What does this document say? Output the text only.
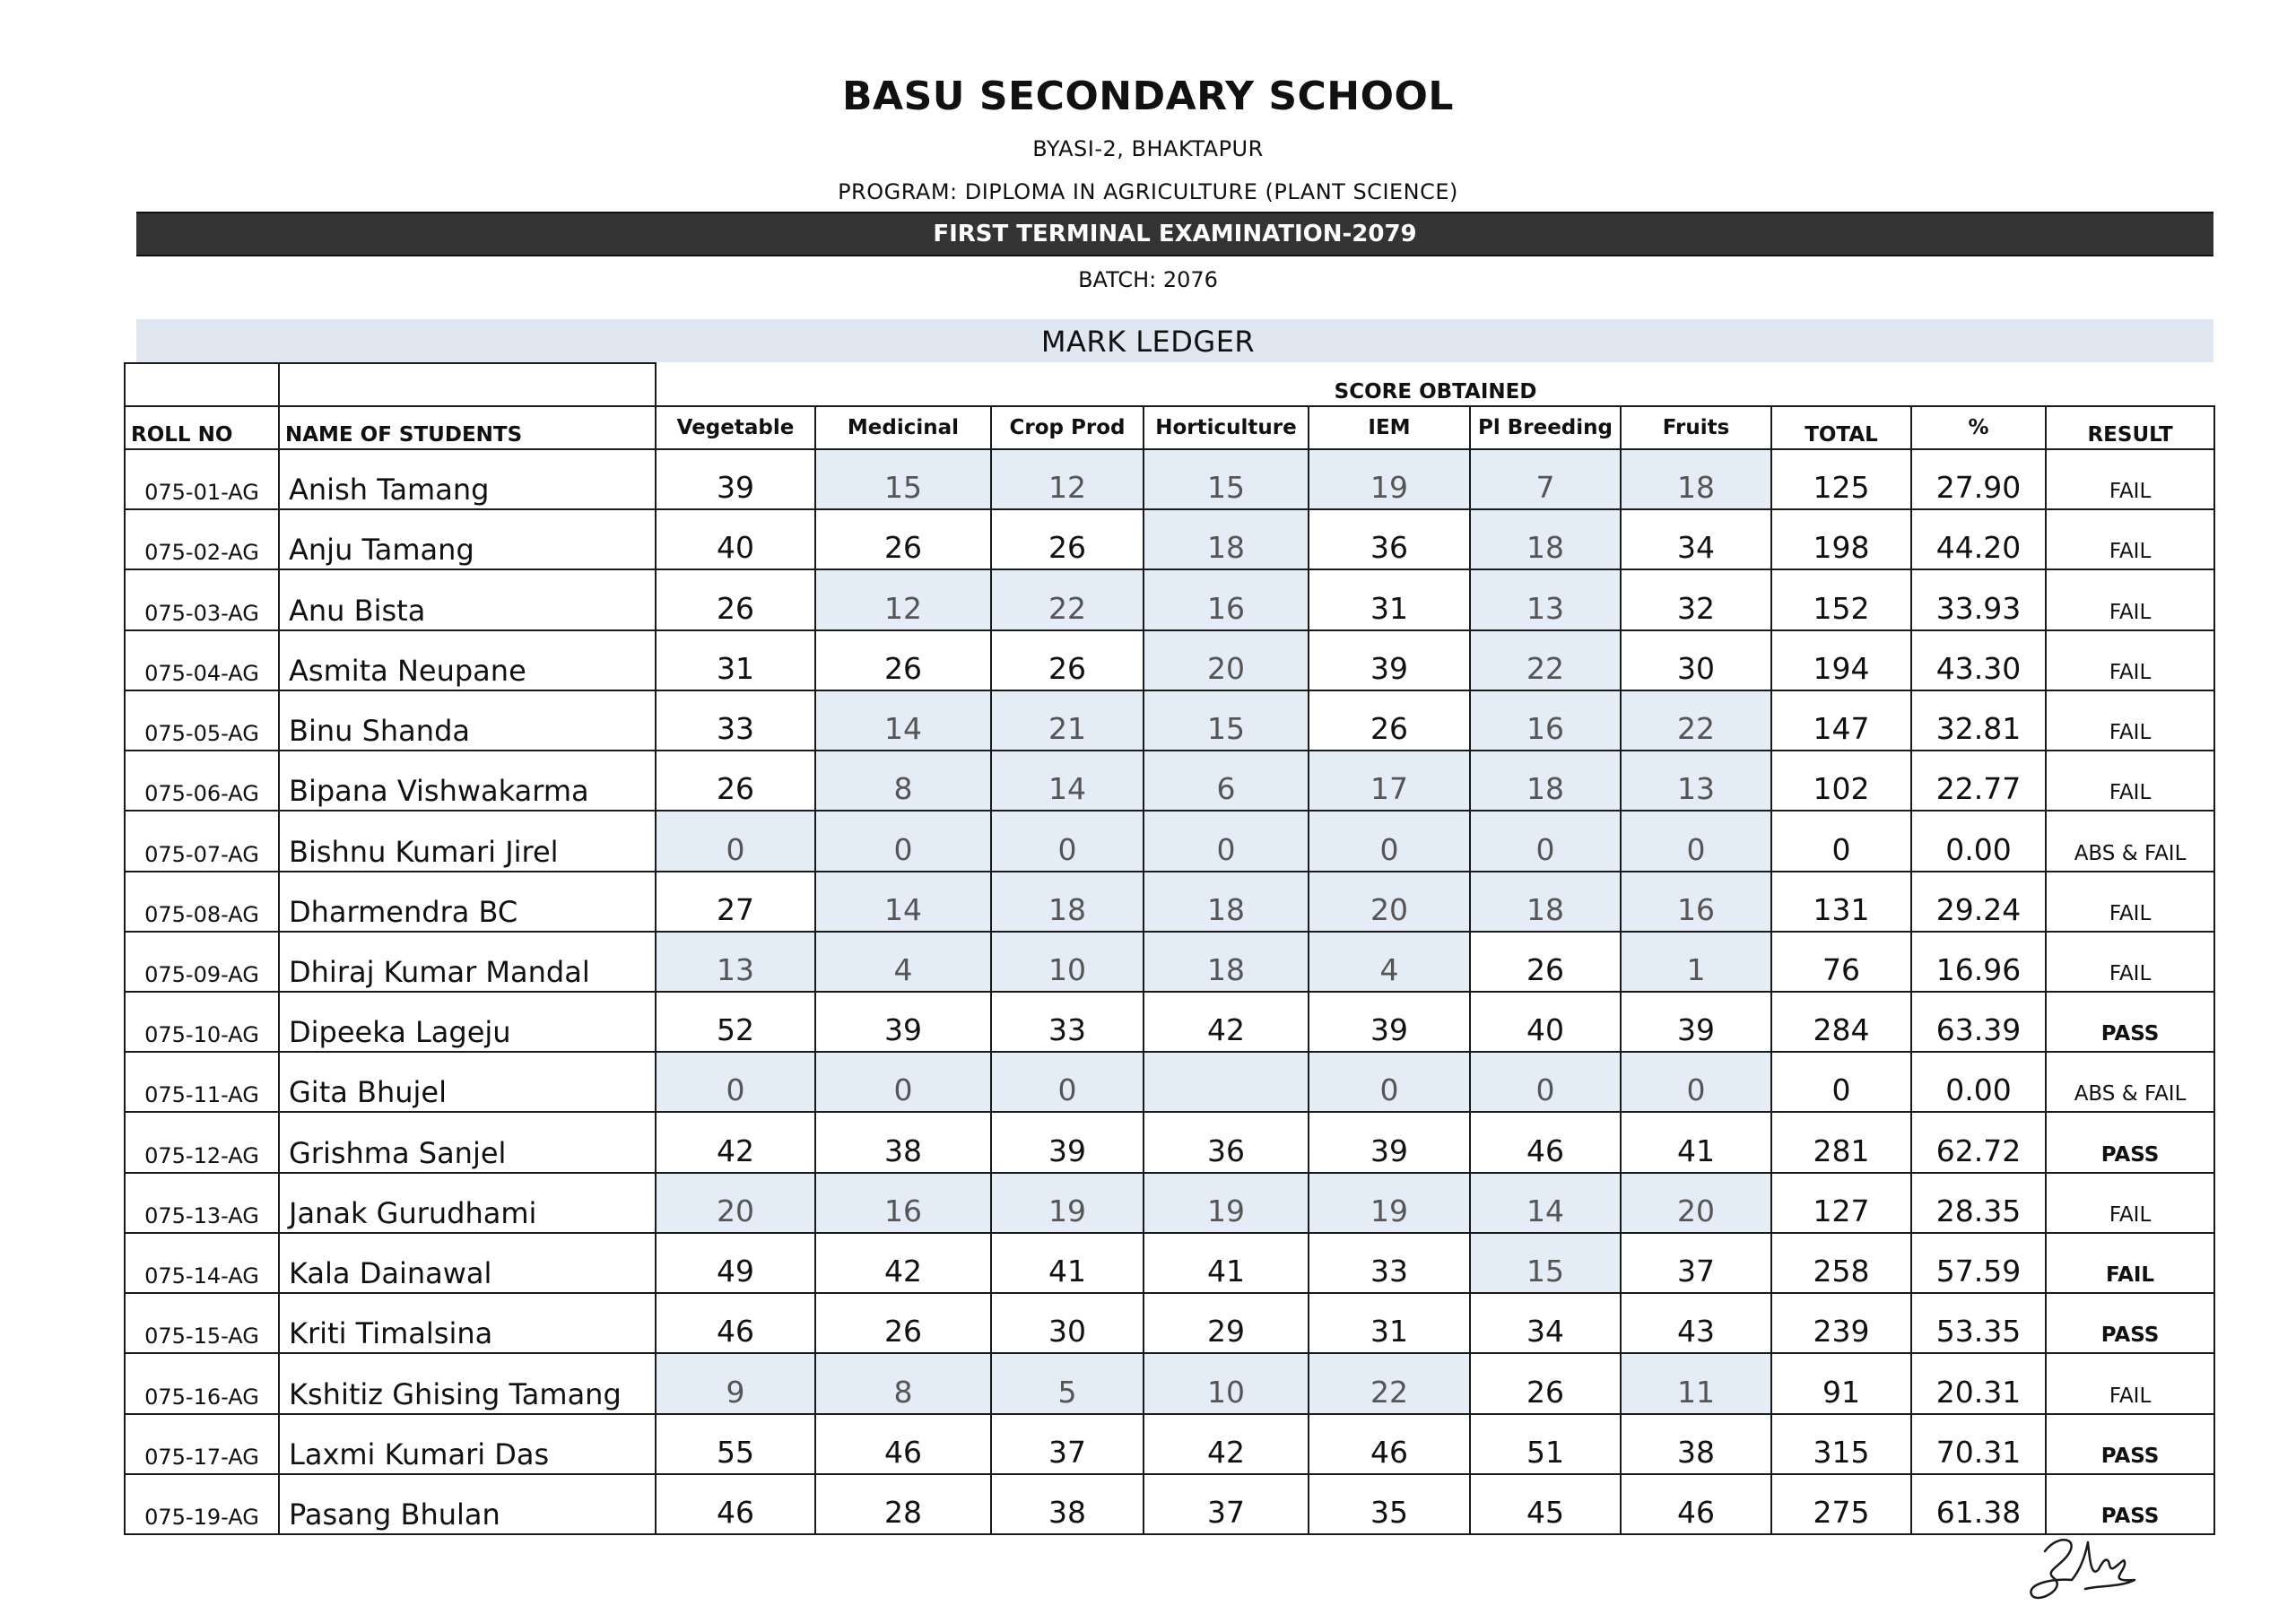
BASU SECONDARY SCHOOL
BYASI-2, BHAKTAPUR
PROGRAM: DIPLOMA IN AGRICULTURE (PLANT SCIENCE)
FIRST TERMINAL EXAMINATION-2079
BATCH: 2076
MARK LEDGER
		SCORE OBTAINED									
ROLL NO	NAME OF STUDENTS	Vegetable	Medicinal	Crop Prod	Horticulture	IEM	Pl Breeding	Fruits	TOTAL	%	RESULT
075-01-AG	Anish Tamang	39	15	12	15	19	7	18	125	27.90	FAIL
075-02-AG	Anju Tamang	40	26	26	18	36	18	34	198	44.20	FAIL
075-03-AG	Anu Bista	26	12	22	16	31	13	32	152	33.93	FAIL
075-04-AG	Asmita Neupane	31	26	26	20	39	22	30	194	43.30	FAIL
075-05-AG	Binu Shanda	33	14	21	15	26	16	22	147	32.81	FAIL
075-06-AG	Bipana Vishwakarma	26	8	14	6	17	18	13	102	22.77	FAIL
075-07-AG	Bishnu Kumari Jirel	0	0	0	0	0	0	0	0	0.00	ABS & FAIL
075-08-AG	Dharmendra BC	27	14	18	18	20	18	16	131	29.24	FAIL
075-09-AG	Dhiraj Kumar Mandal	13	4	10	18	4	26	1	76	16.96	FAIL
075-10-AG	Dipeeka Lageju	52	39	33	42	39	40	39	284	63.39	PASS
075-11-AG	Gita Bhujel	0	0	0		0	0	0	0	0.00	ABS & FAIL
075-12-AG	Grishma Sanjel	42	38	39	36	39	46	41	281	62.72	PASS
075-13-AG	Janak Gurudhami	20	16	19	19	19	14	20	127	28.35	FAIL
075-14-AG	Kala Dainawal	49	42	41	41	33	15	37	258	57.59	FAIL
075-15-AG	Kriti Timalsina	46	26	30	29	31	34	43	239	53.35	PASS
075-16-AG	Kshitiz Ghising Tamang	9	8	5	10	22	26	11	91	20.31	FAIL
075-17-AG	Laxmi Kumari Das	55	46	37	42	46	51	38	315	70.31	PASS
075-19-AG	Pasang Bhulan	46	28	38	37	35	45	46	275	61.38	PASS
